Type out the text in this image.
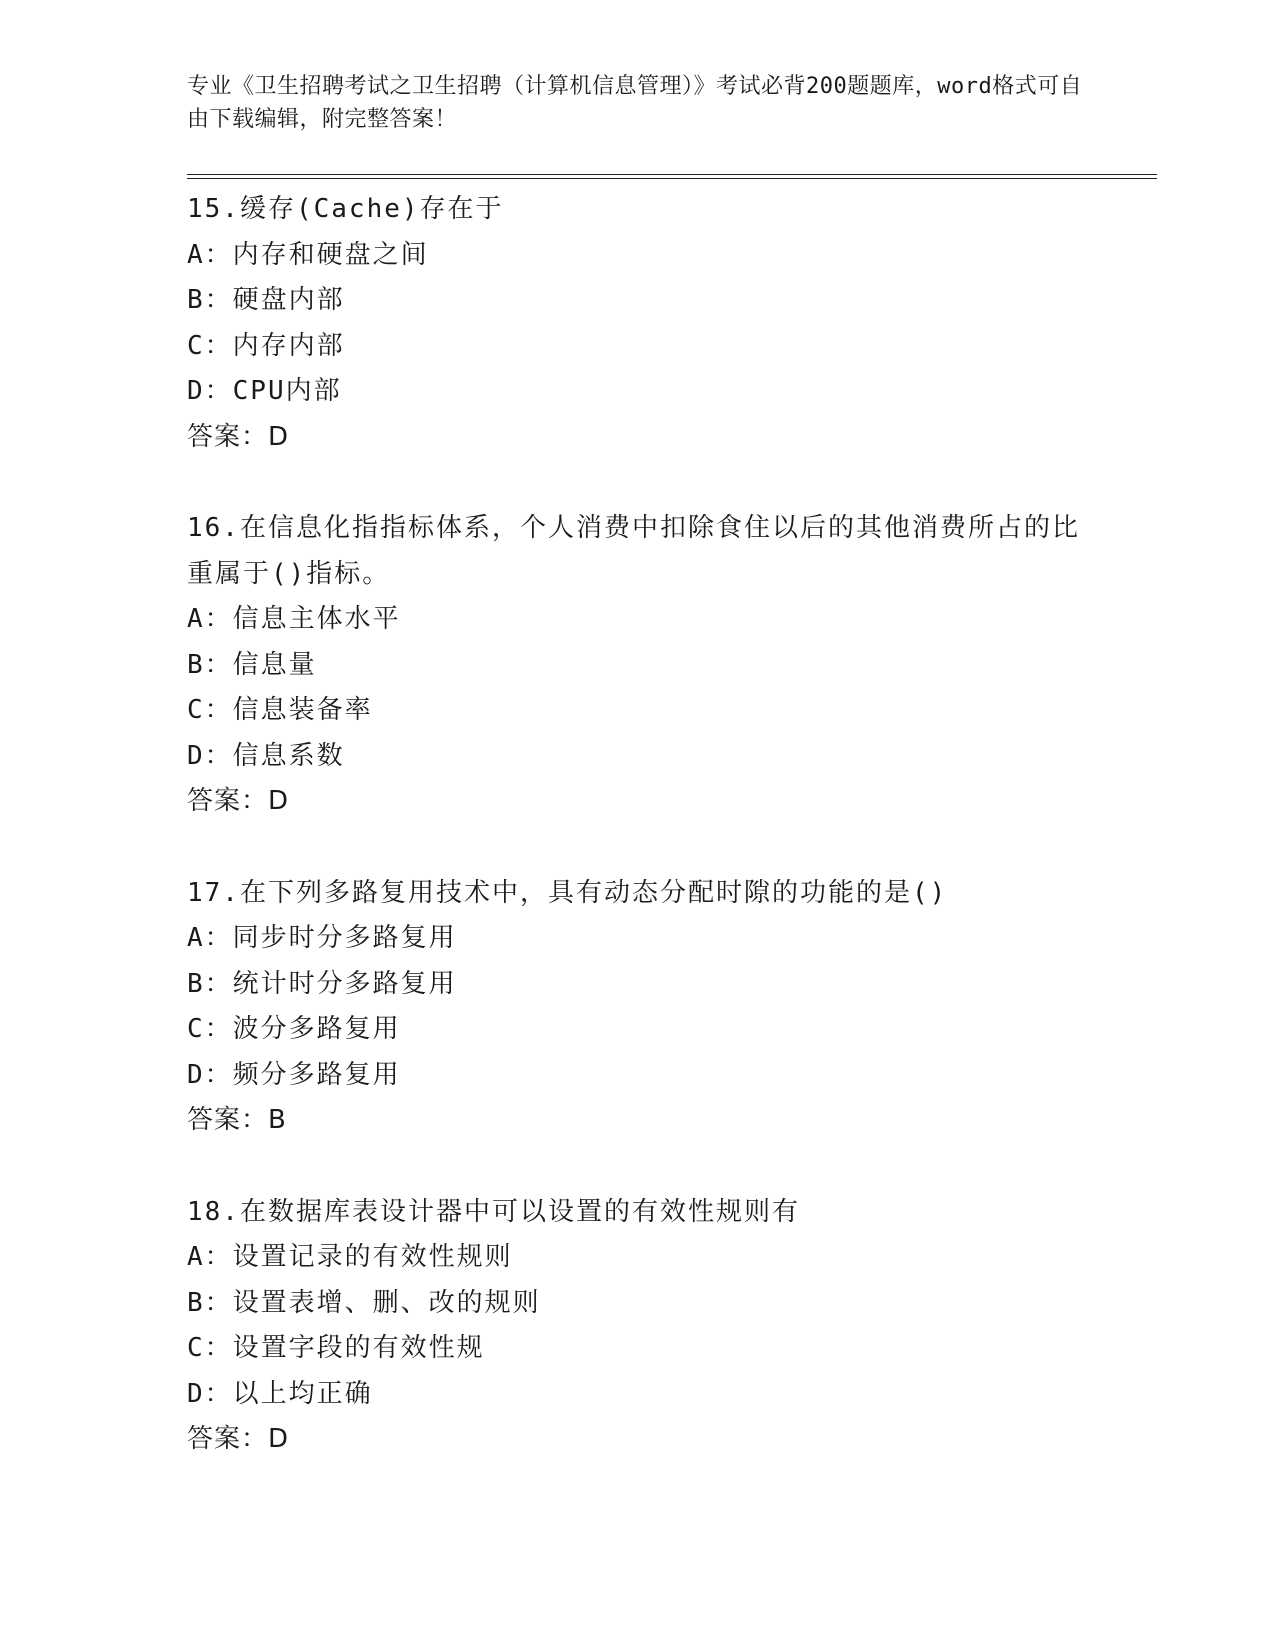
专业《卫生招聘考试之卫生招聘（计算机信息管理）》考试必背200题题库，word格式可自由下载编辑，附完整答案！

15.缓存(Cache)存在于

A：内存和硬盘之间

B：硬盘内部

C：内存内部

D：CPU内部

答案：D

16.在信息化指指标体系，个人消费中扣除食住以后的其他消费所占的比重属于()指标。

A：信息主体水平

B：信息量

C：信息装备率

D：信息系数

答案：D

17.在下列多路复用技术中，具有动态分配时隙的功能的是()

A：同步时分多路复用

B：统计时分多路复用

C：波分多路复用

D：频分多路复用

答案：B

18.在数据库表设计器中可以设置的有效性规则有

A：设置记录的有效性规则

B：设置表增、删、改的规则

C：设置字段的有效性规

D：以上均正确

答案：D
